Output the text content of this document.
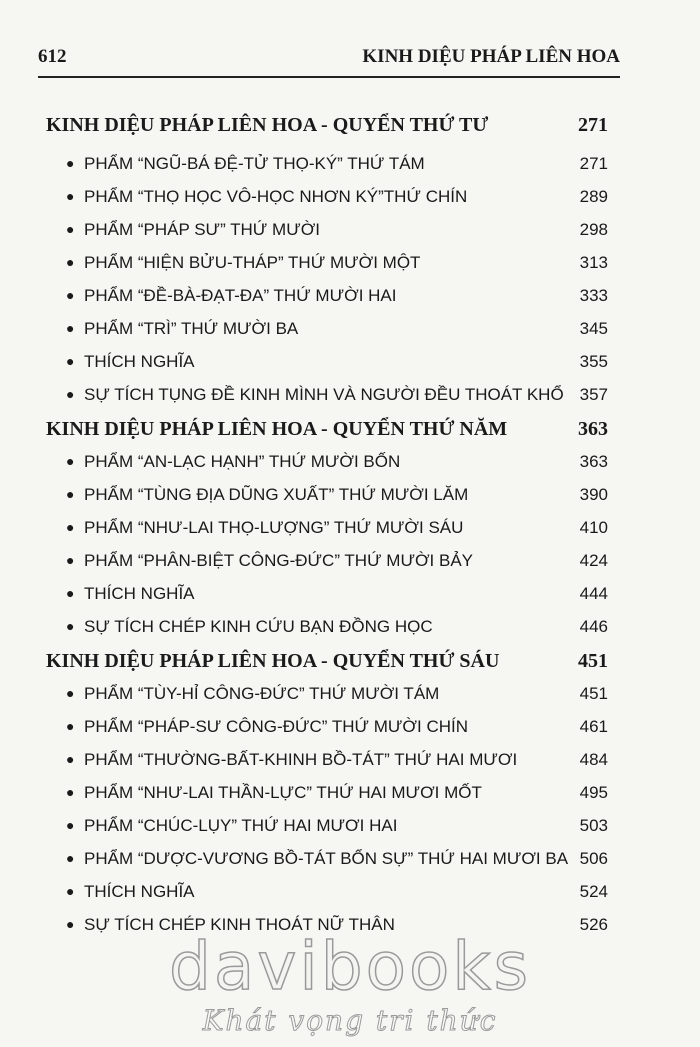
612	KINH DIỆU PHÁP LIÊN HOA
KINH DIỆU PHÁP LIÊN HOA - QUYỂN THỨ TƯ	271
● PHẨM “NGŨ-BÁ ĐỆ-TỬ THỌ-KÝ” THỨ TÁM	271
● PHẨM “THỌ HỌC VÔ-HỌC NHƠN KÝ”THỨ CHÍN	289
● PHẨM “PHÁP SƯ” THỨ MƯỜI	298
● PHẨM “HIỆN BỬU-THÁP” THỨ MƯỜI MỘT	313
● PHẨM “ĐỀ-BÀ-ĐẠT-ĐA” THỨ MƯỜI HAI	333
● PHẨM “TRÌ” THỨ MƯỜI BA	345
● THÍCH NGHĨA	355
● SỰ TÍCH TỤNG ĐỀ KINH MÌNH VÀ NGƯỜI ĐỀU THOÁT KHỔ 357
KINH DIỆU PHÁP LIÊN HOA - QUYỂN THỨ NĂM	363
● PHẨM “AN-LẠC HẠNH” THỨ MƯỜI BỐN	363
● PHẨM “TÙNG ĐỊA DŨNG XUẤT” THỨ MƯỜI LĂM	390
● PHẨM “NHƯ-LAI THỌ-LƯỢNG” THỨ MƯỜI SÁU	410
● PHẨM “PHÂN-BIỆT CÔNG-ĐỨC” THỨ MƯỜI BẢY	424
● THÍCH NGHĨA	444
● SỰ TÍCH CHÉP KINH CỨU BẠN ĐỒNG HỌC	446
KINH DIỆU PHÁP LIÊN HOA - QUYỂN THỨ SÁU	451
● PHẨM “TÙY-HỈ CÔNG-ĐỨC” THỨ MƯỜI TÁM	451
● PHẨM “PHÁP-SƯ CÔNG-ĐỨC” THỨ MƯỜI CHÍN	461
● PHẨM “THƯỜNG-BẤT-KHINH BỒ-TÁT” THỨ HAI MƯƠI	484
● PHẨM “NHƯ-LAI THẦN-LỰC” THỨ HAI MƯƠI MỐT	495
● PHẨM “CHÚC-LỤY” THỨ HAI MƯƠI HAI	503
● PHẨM “DƯỢC-VƯƠNG BỒ-TÁT BỔN SỰ” THỨ HAI MƯƠI BA 506
● THÍCH NGHĨA	524
● SỰ TÍCH CHÉP KINH THOÁT NỮ THÂN	526
davibooks
Khát vọng tri thức
